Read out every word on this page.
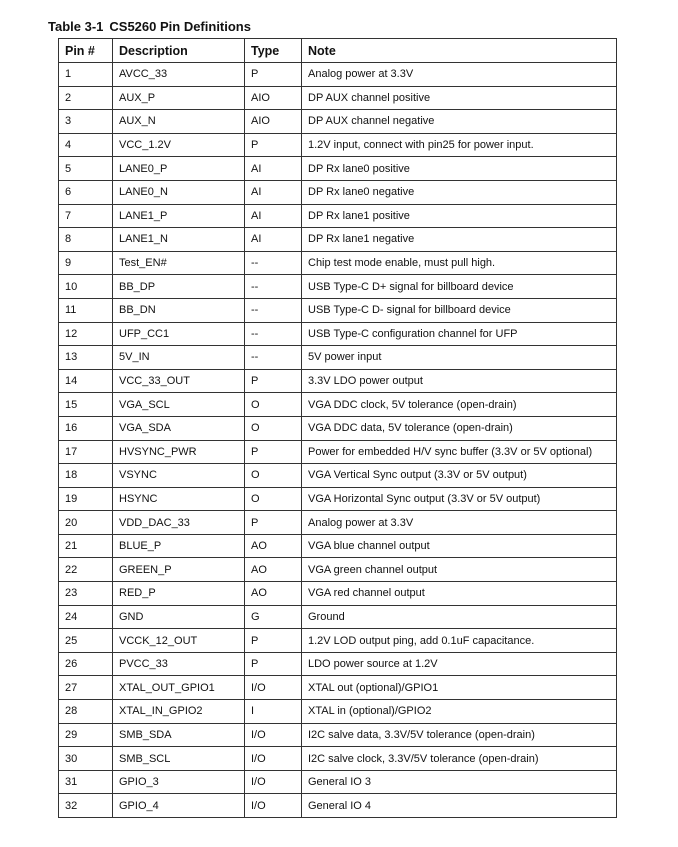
Table 3-1 CS5260 Pin Definitions
Pin #	Description	Type	Note
1	AVCC_33	P	Analog power at 3.3V
2	AUX_P	AIO	DP AUX channel positive
3	AUX_N	AIO	DP AUX channel negative
4	VCC_1.2V	P	1.2V input, connect with pin25 for power input.
5	LANE0_P	AI	DP Rx lane0 positive
6	LANE0_N	AI	DP Rx lane0 negative
7	LANE1_P	AI	DP Rx lane1 positive
8	LANE1_N	AI	DP Rx lane1 negative
9	Test_EN#	--	Chip test mode enable, must pull high.
10	BB_DP	--	USB Type-C D+ signal for billboard device
11	BB_DN	--	USB Type-C D- signal for billboard device
12	UFP_CC1	--	USB Type-C configuration channel for UFP
13	5V_IN	--	5V power input
14	VCC_33_OUT	P	3.3V LDO power output
15	VGA_SCL	O	VGA DDC clock, 5V tolerance (open-drain)
16	VGA_SDA	O	VGA DDC data, 5V tolerance (open-drain)
17	HVSYNC_PWR	P	Power for embedded H/V sync buffer (3.3V or 5V optional)
18	VSYNC	O	VGA Vertical Sync output (3.3V or 5V output)
19	HSYNC	O	VGA Horizontal Sync output (3.3V or 5V output)
20	VDD_DAC_33	P	Analog power at 3.3V
21	BLUE_P	AO	VGA blue channel output
22	GREEN_P	AO	VGA green channel output
23	RED_P	AO	VGA red channel output
24	GND	G	Ground
25	VCCK_12_OUT	P	1.2V LOD output ping, add 0.1uF capacitance.
26	PVCC_33	P	LDO power source at 1.2V
27	XTAL_OUT_GPIO1	I/O	XTAL out (optional)/GPIO1
28	XTAL_IN_GPIO2	I	XTAL in (optional)/GPIO2
29	SMB_SDA	I/O	I2C salve data, 3.3V/5V tolerance (open-drain)
30	SMB_SCL	I/O	I2C salve clock, 3.3V/5V tolerance (open-drain)
31	GPIO_3	I/O	General IO 3
32	GPIO_4	I/O	General IO 4
